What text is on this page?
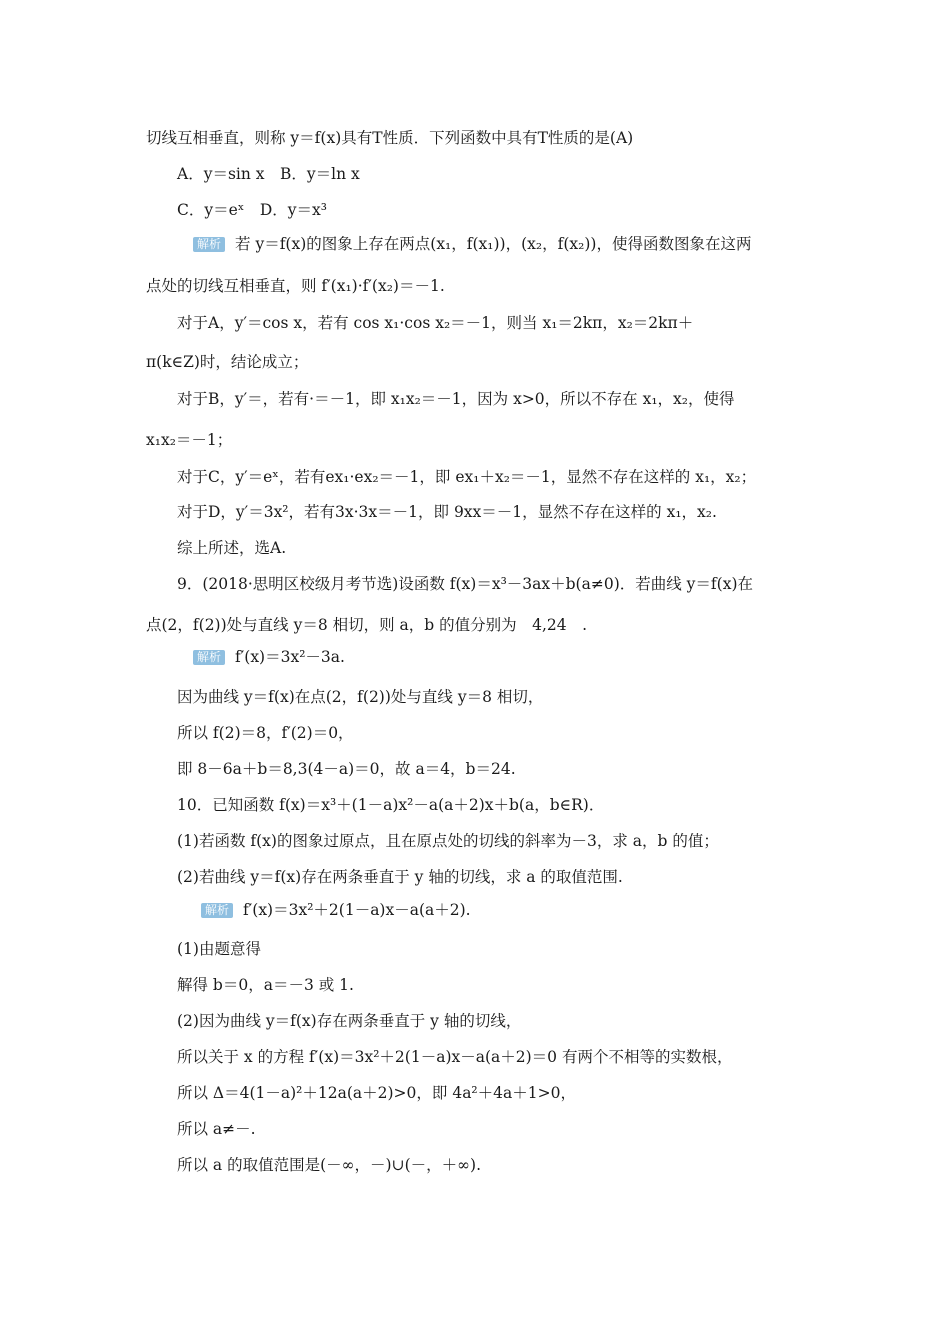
切线互相垂直，则称 y＝f(x)具有T性质．下列函数中具有T性质的是(A)
A．y＝sin x　B．y＝ln x
C．y＝eˣ　D．y＝x³
解析 若 y＝f(x)的图象上存在两点(x₁，f(x₁))，(x₂，f(x₂))，使得函数图象在这两
点处的切线互相垂直，则 f′(x₁)·f′(x₂)＝－1.
对于A，y′＝cos x，若有 cos x₁·cos x₂＝－1，则当 x₁＝2kπ，x₂＝2kπ＋
π(k∈Z)时，结论成立；
对于B，y′＝，若有·＝－1，即 x₁x₂＝－1，因为 x>0，所以不存在 x₁，x₂，使得
x₁x₂＝－1；
对于C，y′＝eˣ，若有ex₁·ex₂＝－1，即 ex₁＋x₂＝－1，显然不存在这样的 x₁，x₂；
对于D，y′＝3x²，若有3x·3x＝－1，即 9xx＝－1，显然不存在这样的 x₁，x₂.
综上所述，选A.
9．(2018·思明区校级月考节选)设函数 f(x)＝x³－3ax＋b(a≠0)．若曲线 y＝f(x)在
点(2，f(2))处与直线 y＝8 相切，则 a，b 的值分别为　4,24　.
解析 f′(x)＝3x²－3a.
因为曲线 y＝f(x)在点(2，f(2))处与直线 y＝8 相切，
所以 f(2)＝8，f′(2)＝0，
即 8－6a＋b＝8,3(4－a)＝0，故 a＝4，b＝24.
10．已知函数 f(x)＝x³＋(1－a)x²－a(a＋2)x＋b(a，b∈R)．
(1)若函数 f(x)的图象过原点，且在原点处的切线的斜率为－3，求 a，b 的值；
(2)若曲线 y＝f(x)存在两条垂直于 y 轴的切线，求 a 的取值范围.
解析 f′(x)＝3x²＋2(1－a)x－a(a＋2).
(1)由题意得
解得 b＝0，a＝－3 或 1.
(2)因为曲线 y＝f(x)存在两条垂直于 y 轴的切线，
所以关于 x 的方程 f′(x)＝3x²＋2(1－a)x－a(a＋2)＝0 有两个不相等的实数根，
所以 Δ＝4(1－a)²＋12a(a＋2)>0，即 4a²＋4a＋1>0，
所以 a≠－.
所以 a 的取值范围是(－∞，－)∪(－，＋∞).
